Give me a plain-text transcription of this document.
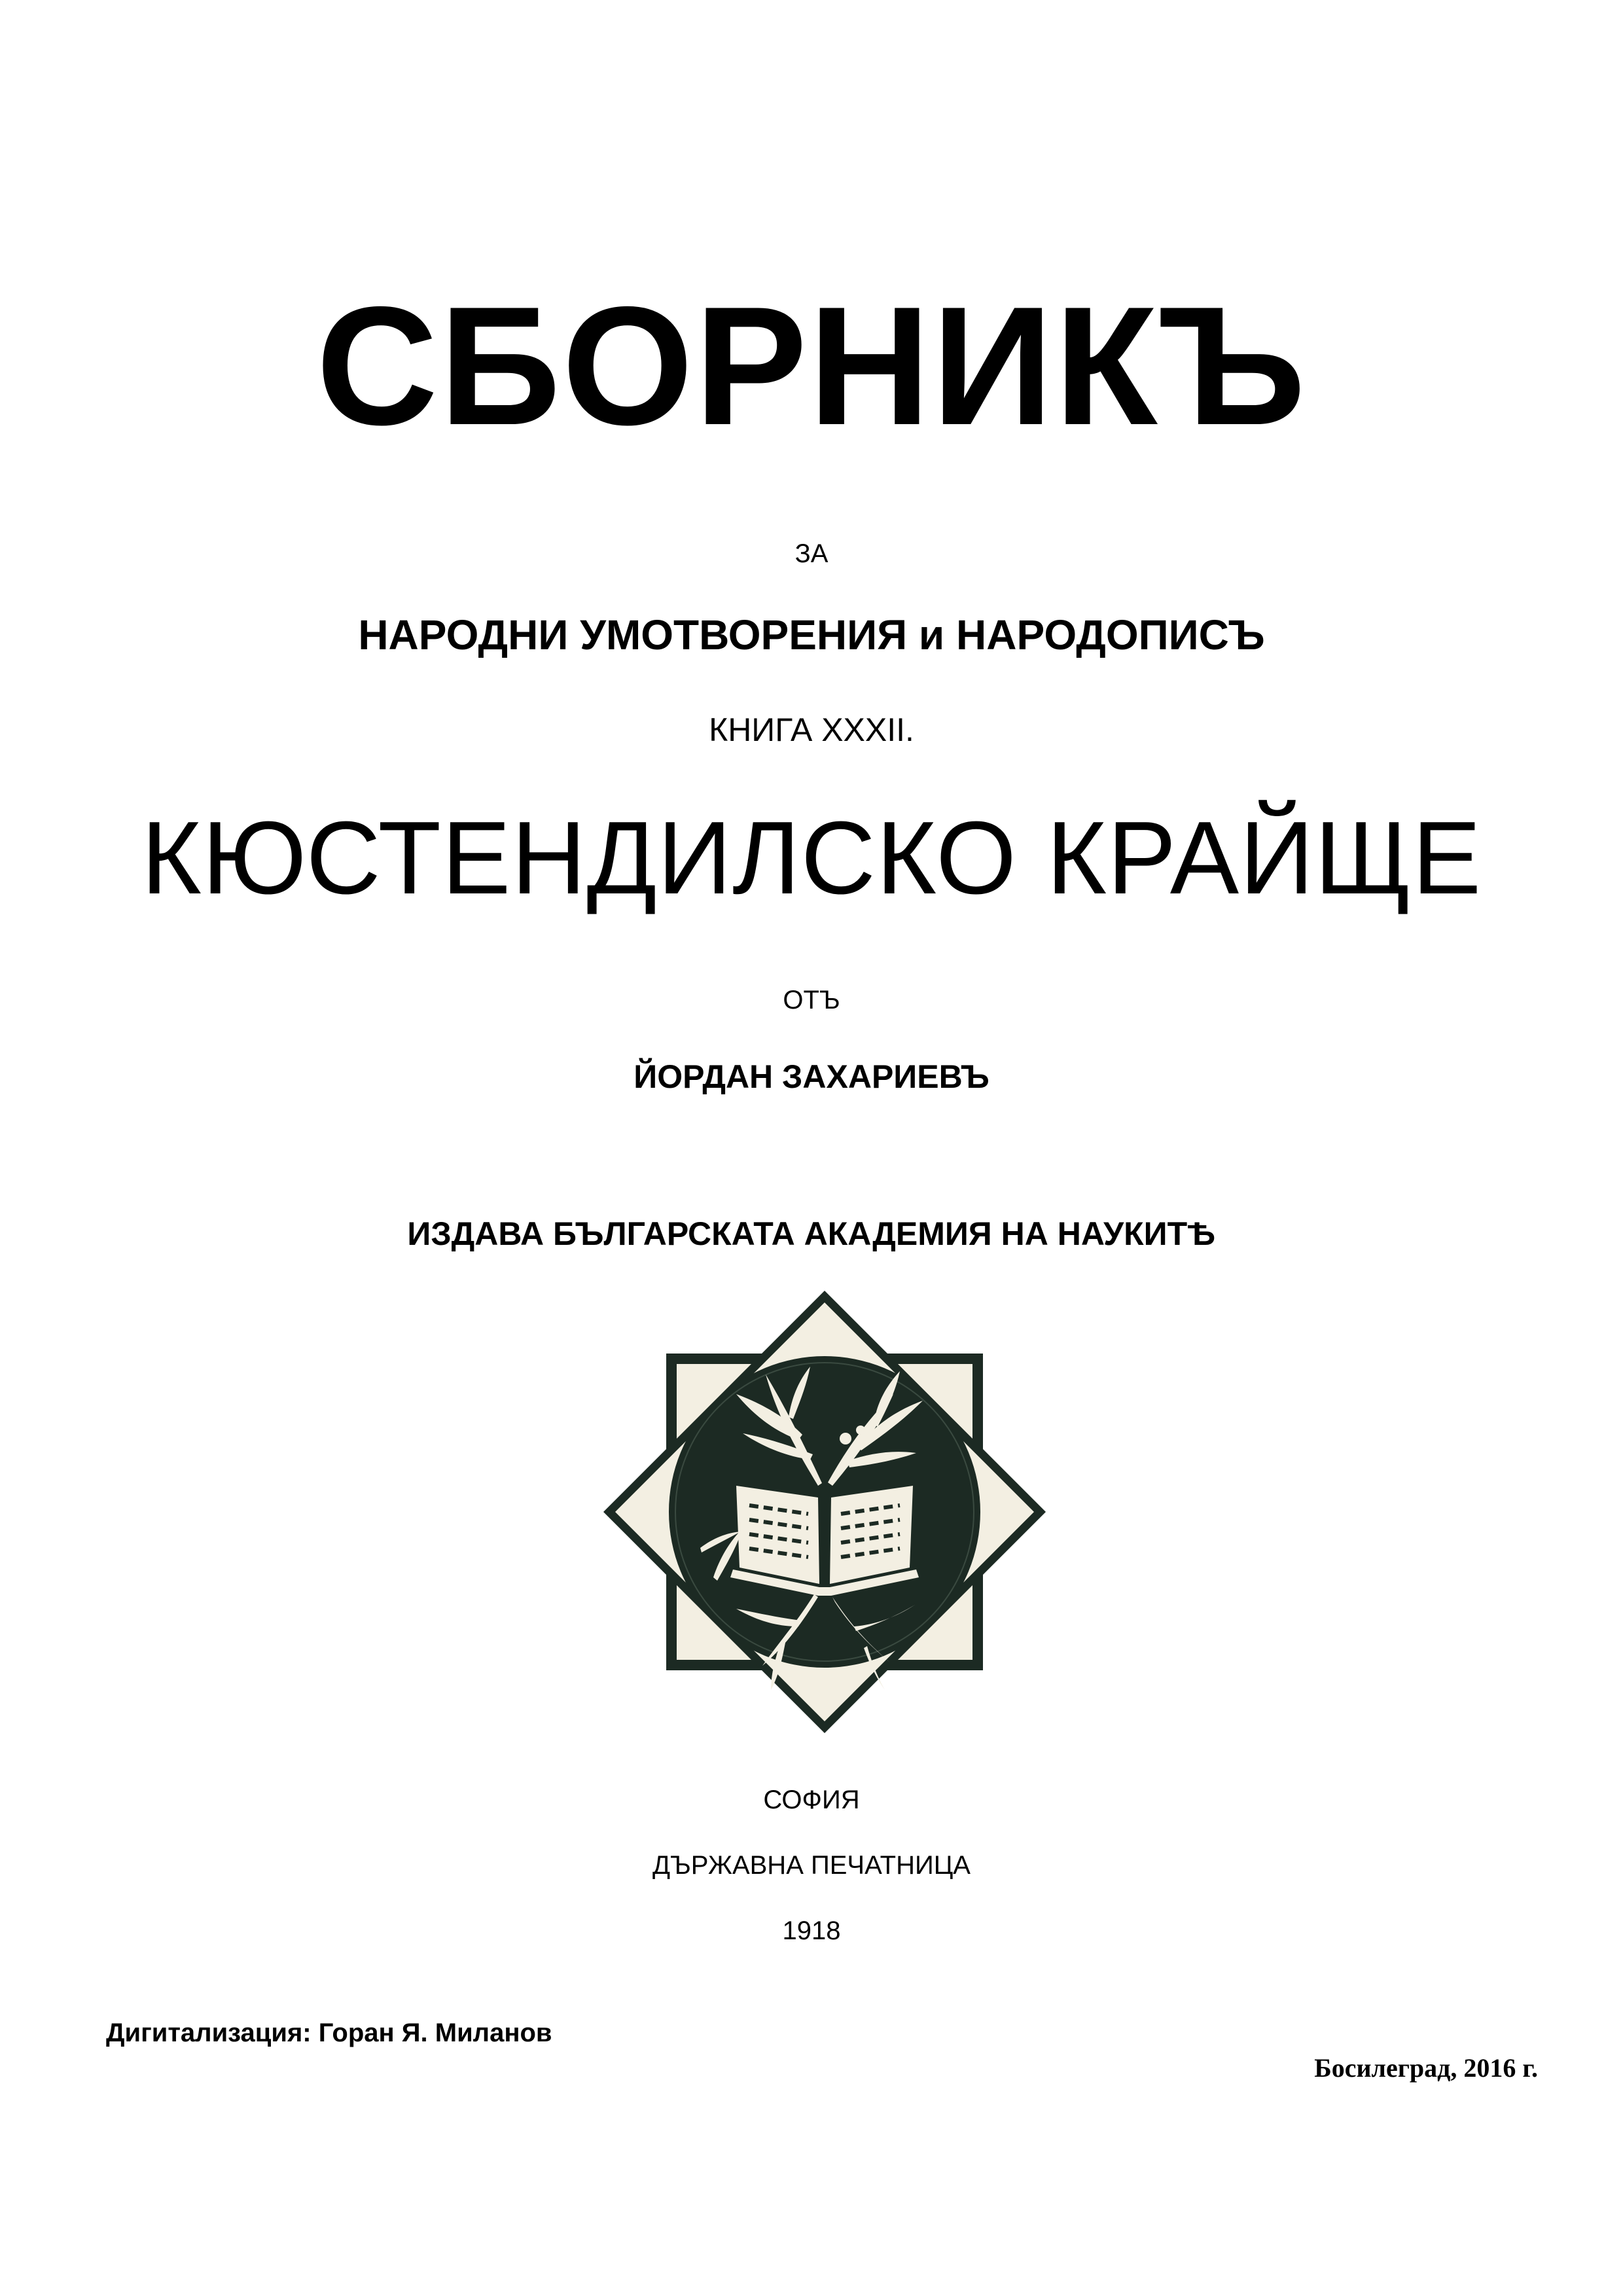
СБОРНИКЪ
ЗА
НАРОДНИ УМОТВОРЕНИЯ и НАРОДОПИСЪ
КНИГА XXXII.
КЮСТЕНДИЛСКО КРАЙЩЕ
ОТЪ
ЙОРДАН ЗАХАРИЕВЪ
ИЗДАВА БЪЛГАРСКАТА АКАДЕМИЯ НА НАУКИТѢ
СОФИЯ
ДЪРЖАВНА ПЕЧАТНИЦА
1918
Дигитализация: Горан Я. Миланов
Босилеград, 2016 г.
